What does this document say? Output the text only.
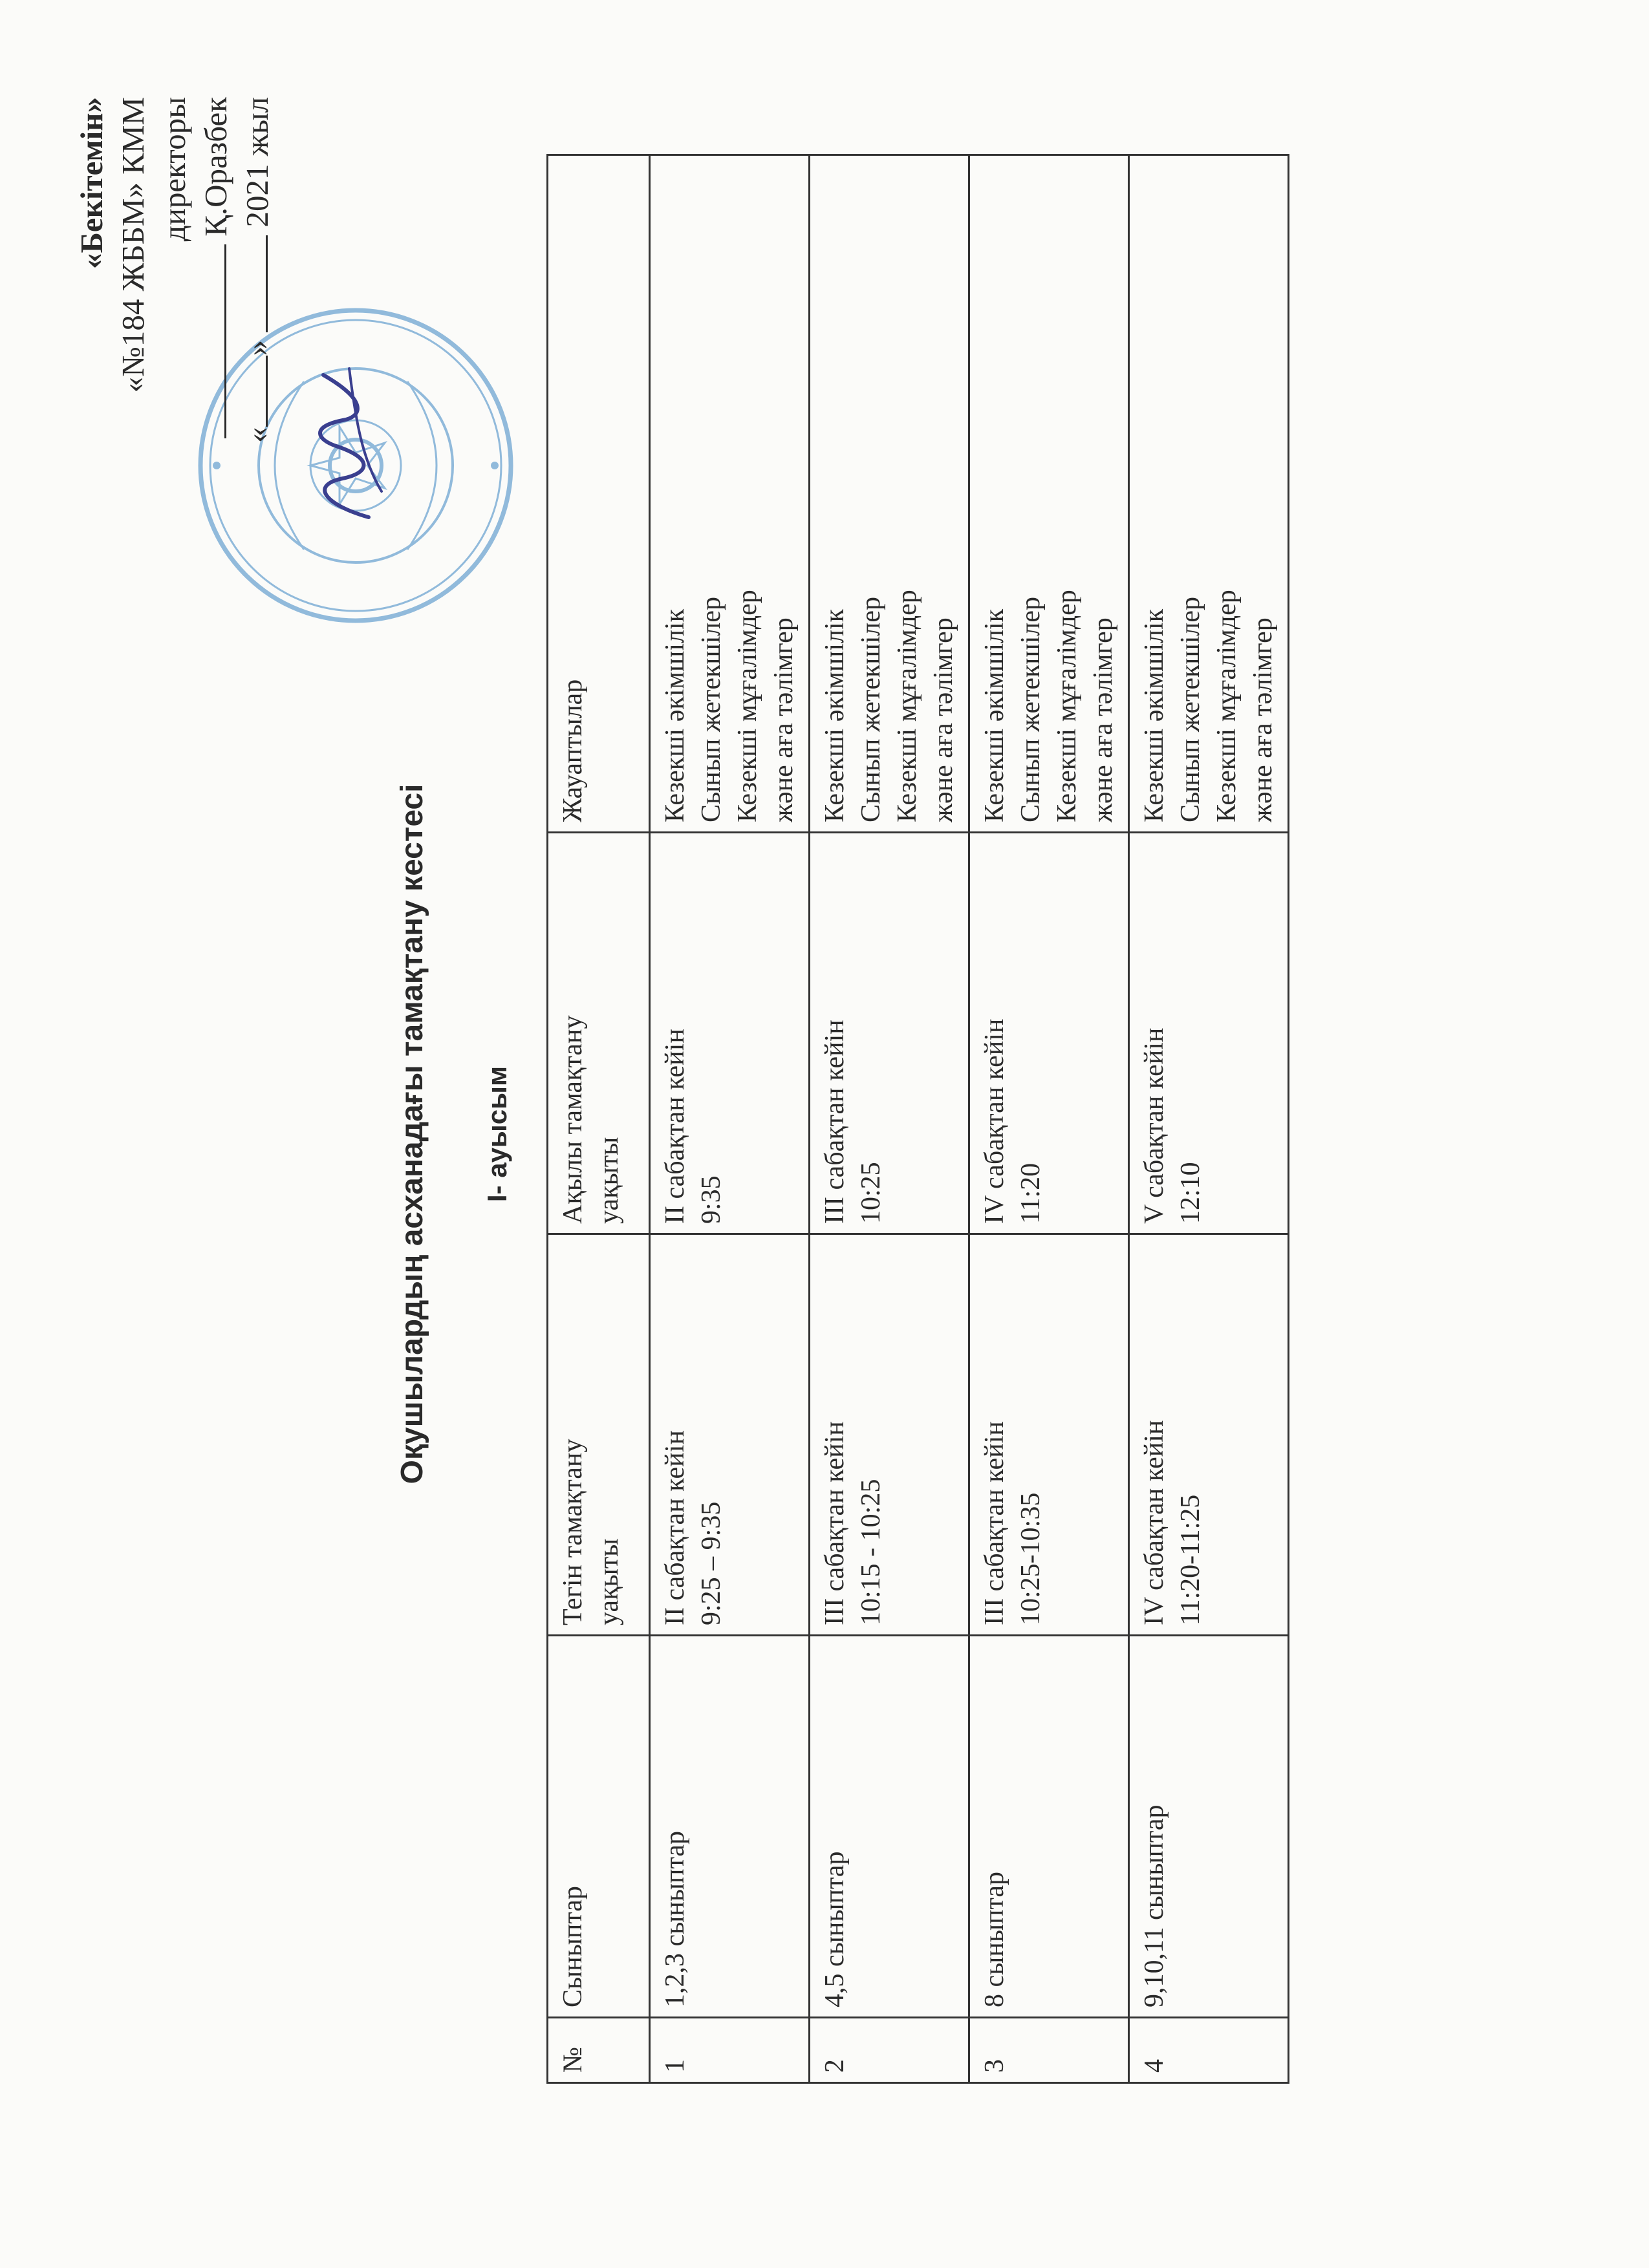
«Бекітемін» «№184 ЖББМ» КММ директоры Қ.Оразбек
«»  2021 жыл
Оқушылардың асханадағы тамақтану кестесі I- ауысым
№	Сыныптар	Тегін тамақтану уақыты	Ақылы тамақтану уақыты	Жауаптылар
1	1,2,3 сыныптар	ІІ сабақтан кейін 9:25 – 9:35	ІІ сабақтан кейін 9:35	Кезекші әкімшілік Сынып жетекшілер Кезекші мұғалімдер және аға тәлімгер

2	4,5 сыныптар	ІІІ сабақтан кейін 10:15 - 10:25	ІІІ сабақтан кейін 10:25	Кезекші әкімшілік Сынып жетекшілер Кезекші мұғалімдер және аға тәлімгер

3	8 сыныптар	ІІІ сабақтан кейін 10:25-10:35	ІV сабақтан кейін 11:20	Кезекші әкімшілік Сынып жетекшілер Кезекші мұғалімдер және аға тәлімгер

4	9,10,11 сыныптар	ІV сабақтан кейін 11:20-11:25	V сабақтан кейін 12:10	Кезекші әкімшілік Сынып жетекшілер Кезекші мұғалімдер және аға тәлімгер
